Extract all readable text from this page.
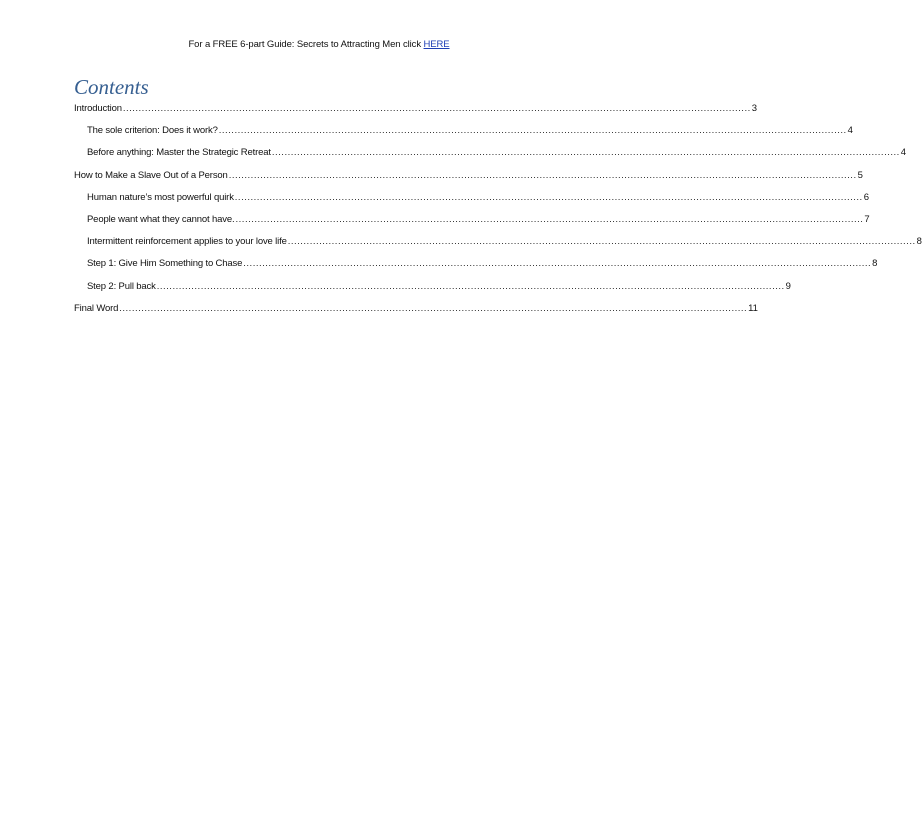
For a FREE 6-part Guide: Secrets to Attracting Men click HERE
Contents
Introduction ........................................................................................................................................................................................................ 3
The sole criterion: Does it work? ........................................................................................................................................................................................................ 4
Before anything: Master the Strategic Retreat ........................................................................................................................................................................................................ 4
How to Make a Slave Out of a Person ........................................................................................................................................................................................................ 5
Human nature’s most powerful quirk ........................................................................................................................................................................................................ 6
People want what they cannot have. ........................................................................................................................................................................................................ 7
Intermittent reinforcement applies to your love life ........................................................................................................................................................................................................ 8
Step 1: Give Him Something to Chase ........................................................................................................................................................................................................ 8
Step 2: Pull back ........................................................................................................................................................................................................ 9
Final Word ........................................................................................................................................................................................................ 11
